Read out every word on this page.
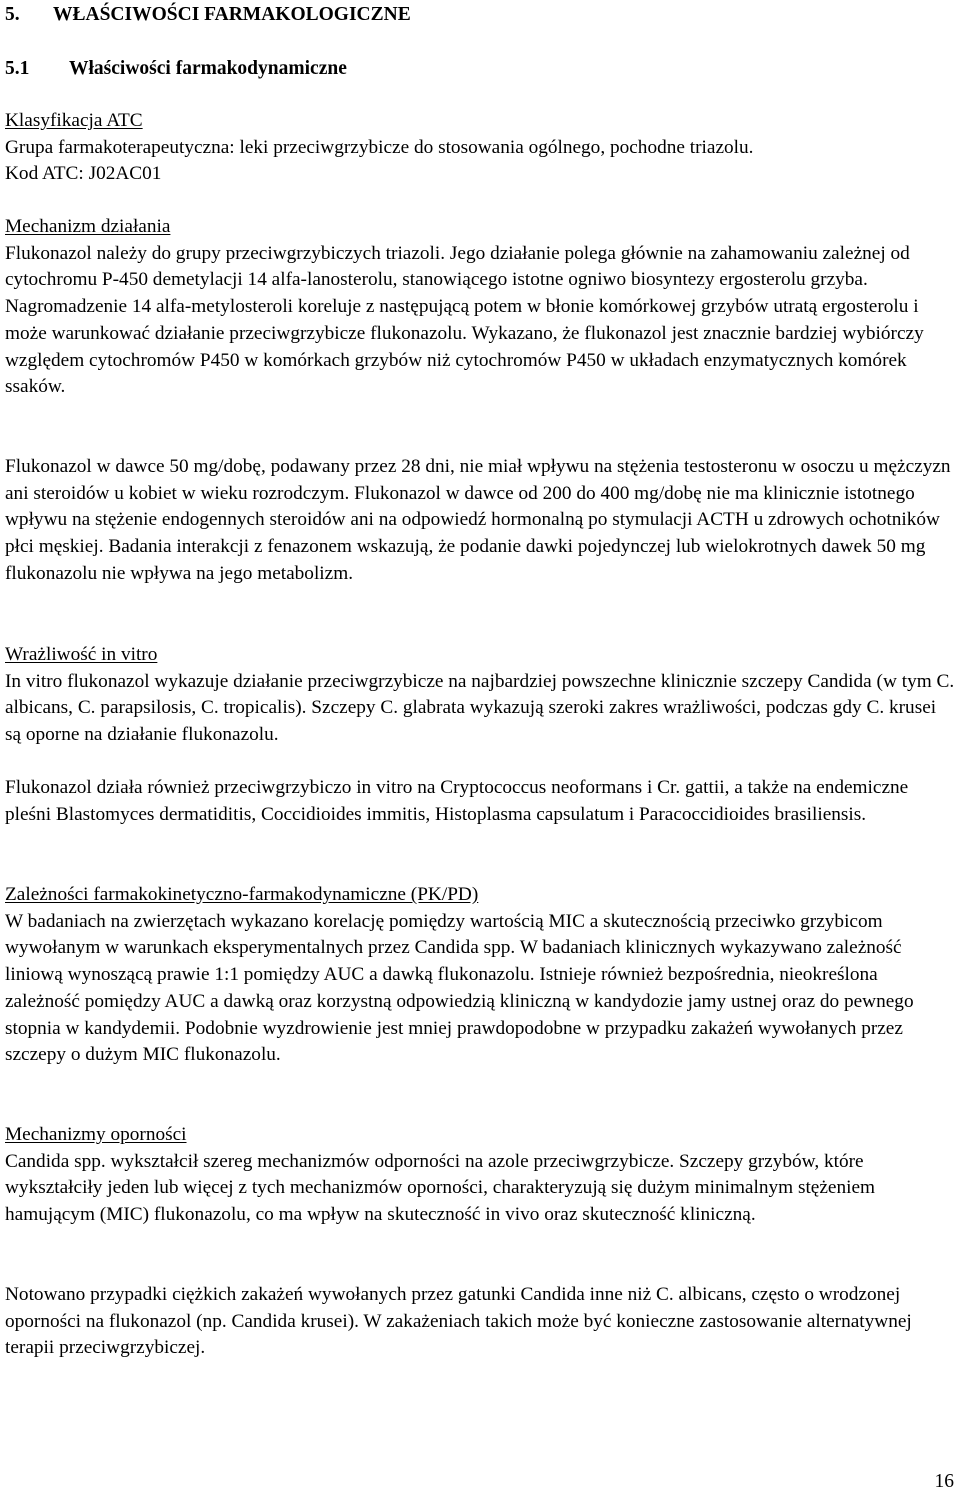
5. WŁAŚCIWOŚCI FARMAKOLOGICZNE
5.1 Właściwości farmakodynamiczne

Klasyfikacja ATC

Grupa farmakoterapeutyczna: leki przeciwgrzybicze do stosowania ogólnego, pochodne triazolu.

Kod ATC: J02AC01

Mechanizm działania

Flukonazol należy do grupy przeciwgrzybiczych triazoli. Jego działanie polega głównie na zahamowaniu zależnej od cytochromu P-450 demetylacji 14 alfa-lanosterolu, stanowiącego istotne ogniwo biosyntezy ergosterolu grzyba. Nagromadzenie 14 alfa-metylosteroli koreluje z następującą potem w błonie komórkowej grzybów utratą ergosterolu i może warunkować działanie przeciwgrzybicze flukonazolu. Wykazano, że flukonazol jest znacznie bardziej wybiórczy względem cytochromów P450 w komórkach grzybów niż cytochromów P450 w układach enzymatycznych komórek ssaków.

Flukonazol w dawce 50 mg/dobę, podawany przez 28 dni, nie miał wpływu na stężenia testosteronu w osoczu u mężczyzn ani steroidów u kobiet w wieku rozrodczym. Flukonazol w dawce od 200 do 400 mg/dobę nie ma klinicznie istotnego wpływu na stężenie endogennych steroidów ani na odpowiedź hormonalną po stymulacji ACTH u zdrowych ochotników płci męskiej. Badania interakcji z fenazonem wskazują, że podanie dawki pojedynczej lub wielokrotnych dawek 50 mg flukonazolu nie wpływa na jego metabolizm.

Wrażliwość in vitro

In vitro flukonazol wykazuje działanie przeciwgrzybicze na najbardziej powszechne klinicznie szczepy Candida (w tym C. albicans, C. parapsilosis, C. tropicalis). Szczepy C. glabrata wykazują szeroki zakres wrażliwości, podczas gdy C. krusei są oporne na działanie flukonazolu.

Flukonazol działa również przeciwgrzybiczo in vitro na Cryptococcus neoformans i Cr. gattii, a także na endemiczne pleśni Blastomyces dermatiditis, Coccidioides immitis, Histoplasma capsulatum i Paracoccidioides brasiliensis.

Zależności farmakokinetyczno-farmakodynamiczne (PK/PD)

W badaniach na zwierzętach wykazano korelację pomiędzy wartością MIC a skutecznością przeciwko grzybicom wywołanym w warunkach eksperymentalnych przez Candida spp. W badaniach klinicznych wykazywano zależność liniową wynoszącą prawie 1:1 pomiędzy AUC a dawką flukonazolu. Istnieje również bezpośrednia, nieokreślona zależność pomiędzy AUC a dawką oraz korzystną odpowiedzią kliniczną w kandydozie jamy ustnej oraz do pewnego stopnia w kandydemii. Podobnie wyzdrowienie jest mniej prawdopodobne w przypadku zakażeń wywołanych przez szczepy o dużym MIC flukonazolu.

Mechanizmy oporności

Candida spp. wykształcił szereg mechanizmów odporności na azole przeciwgrzybicze. Szczepy grzybów, które wykształciły jeden lub więcej z tych mechanizmów oporności, charakteryzują się dużym minimalnym stężeniem hamującym (MIC) flukonazolu, co ma wpływ na skuteczność in vivo oraz skuteczność kliniczną.

Notowano przypadki ciężkich zakażeń wywołanych przez gatunki Candida inne niż C. albicans, często o wrodzonej oporności na flukonazol (np. Candida krusei). W zakażeniach takich może być konieczne zastosowanie alternatywnej terapii przeciwgrzybiczej.

16
